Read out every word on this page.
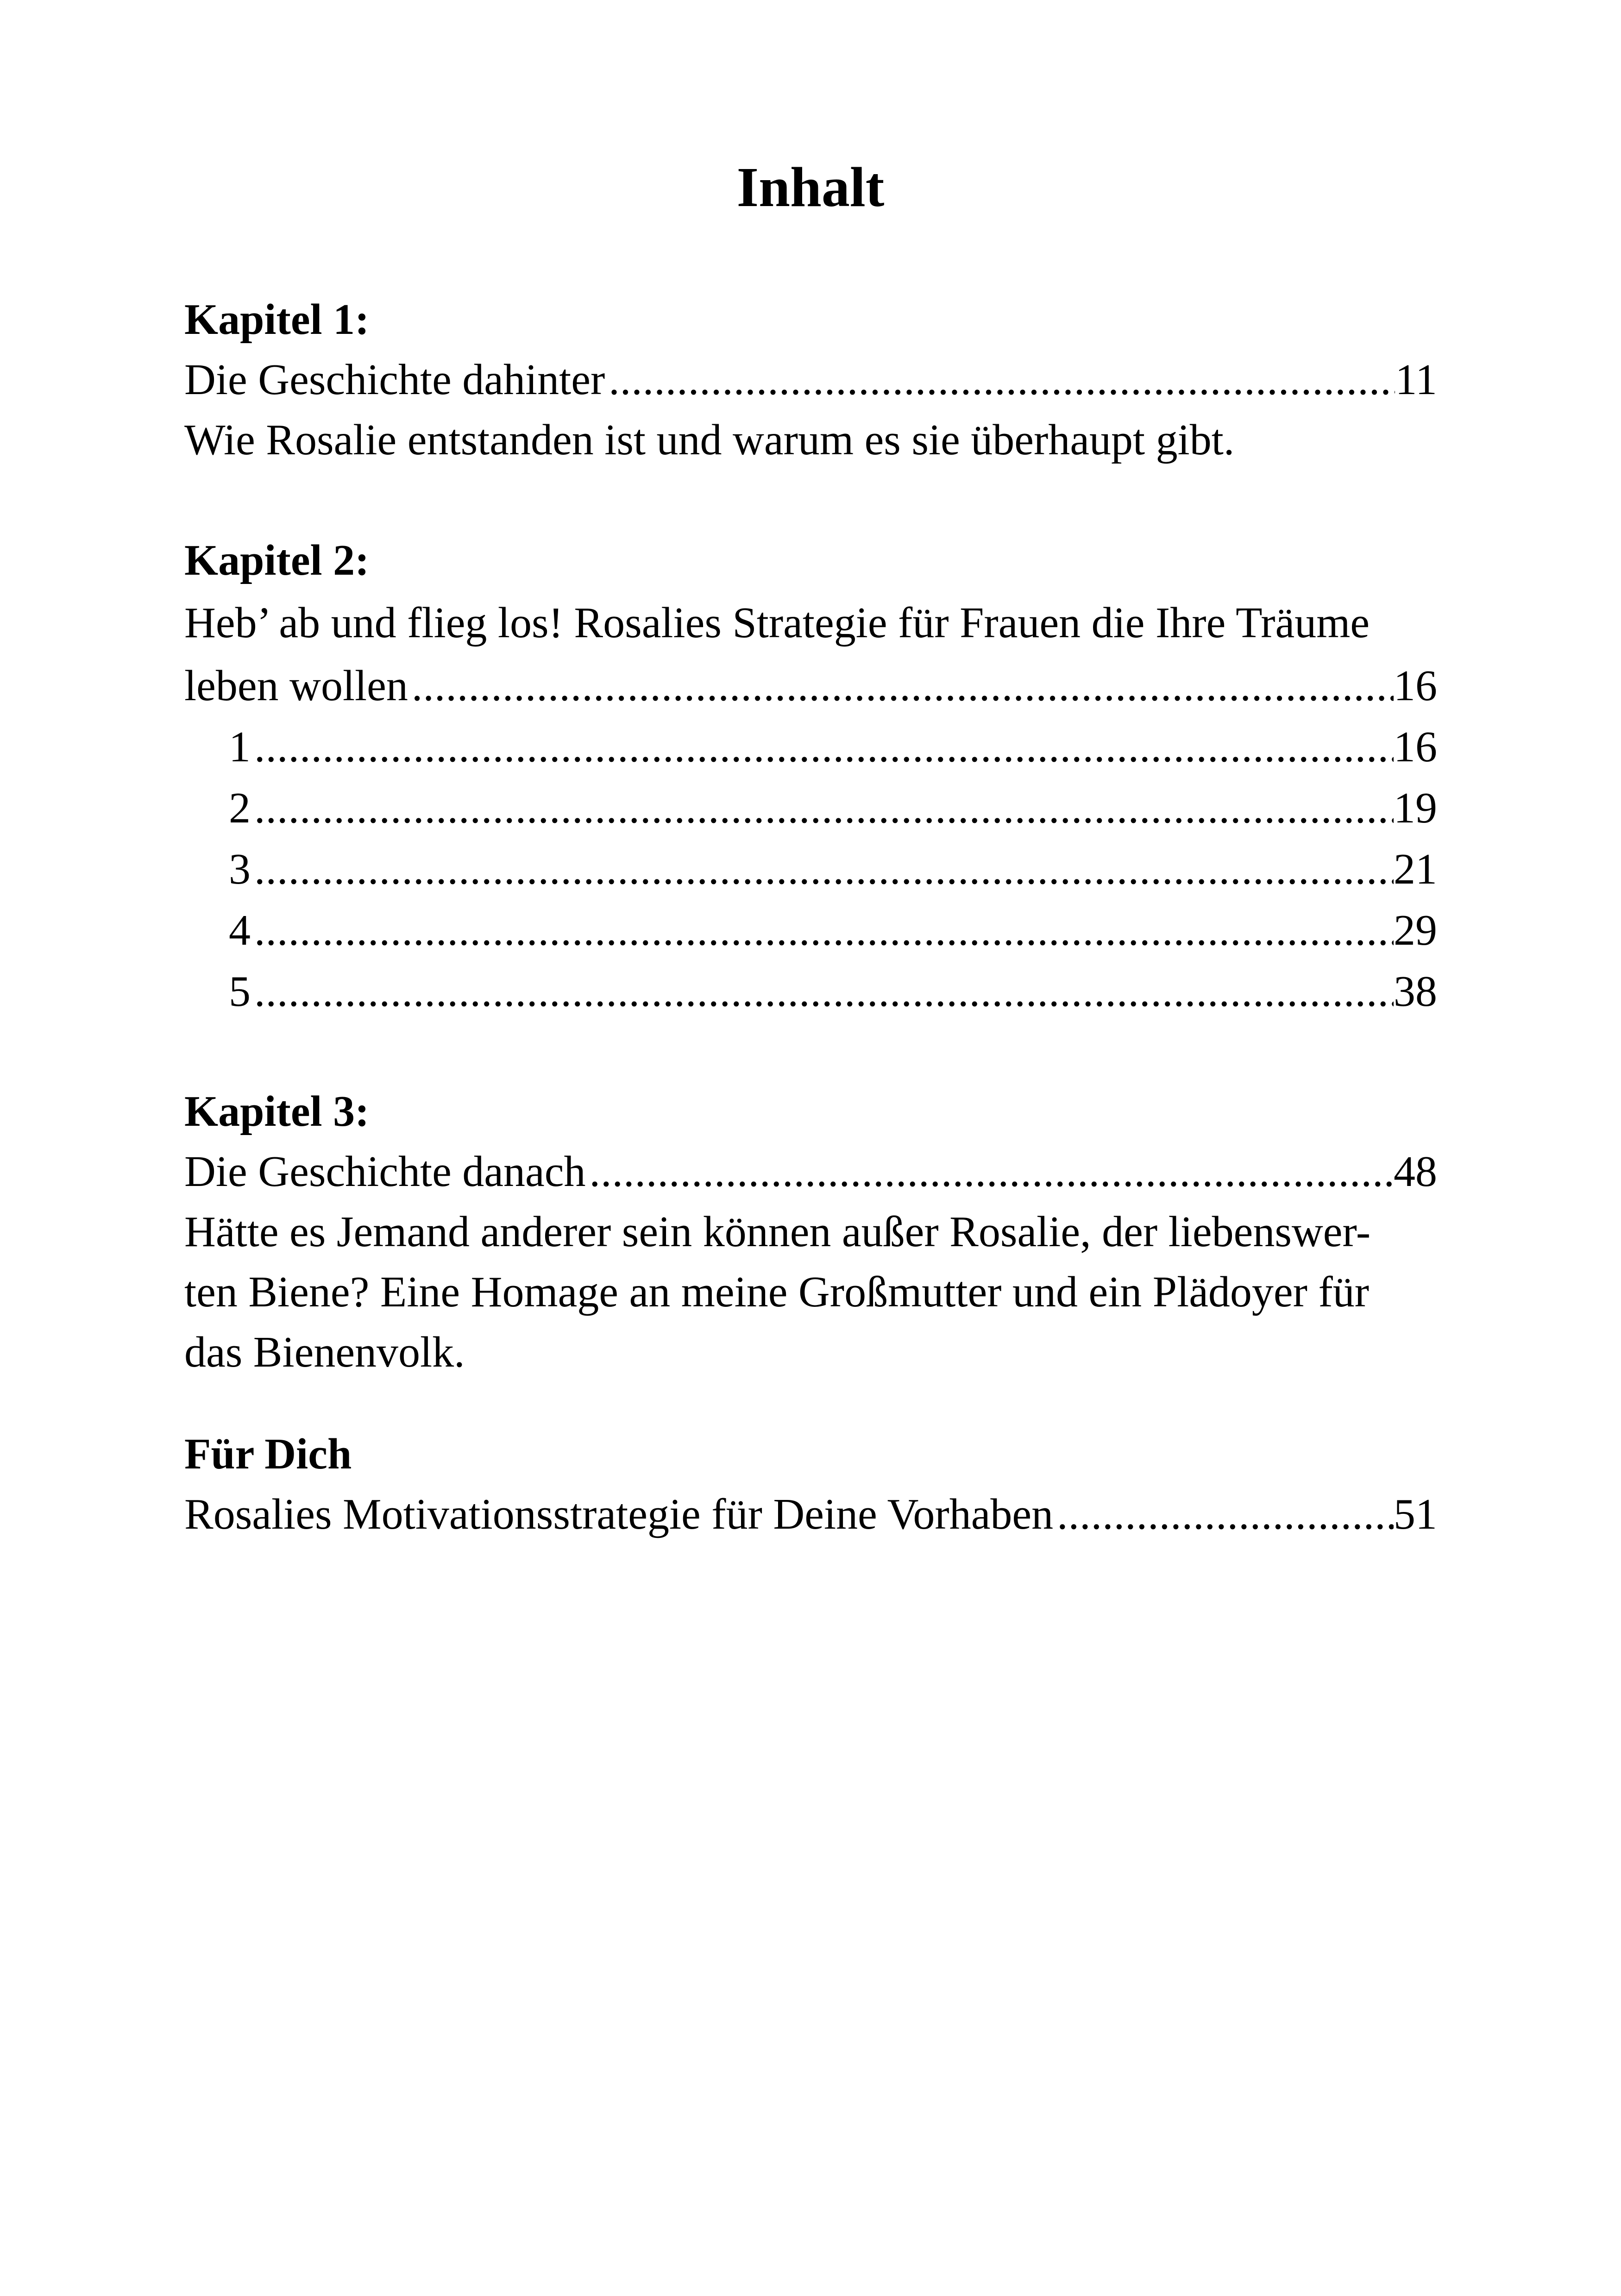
Inhalt
Kapitel 1:
Die Geschichte dahinter .....	11
Wie Rosalie entstanden ist und warum es sie überhaupt gibt.
Kapitel 2:
Heb’ ab und flieg los! Rosalies Strategie für Frauen die Ihre Träume
leben wollen .....	16
1 .....	16
2 .....	19
3 .....	21
4 .....	29
5 .....	38
Kapitel 3:
Die Geschichte danach .....	48
Hätte es Jemand anderer sein können außer Rosalie, der liebenswer-
ten Biene? Eine Homage an meine Großmutter und ein Plädoyer für
das Bienenvolk.
Für Dich
Rosalies Motivationsstrategie für Deine Vorhaben .....	51
